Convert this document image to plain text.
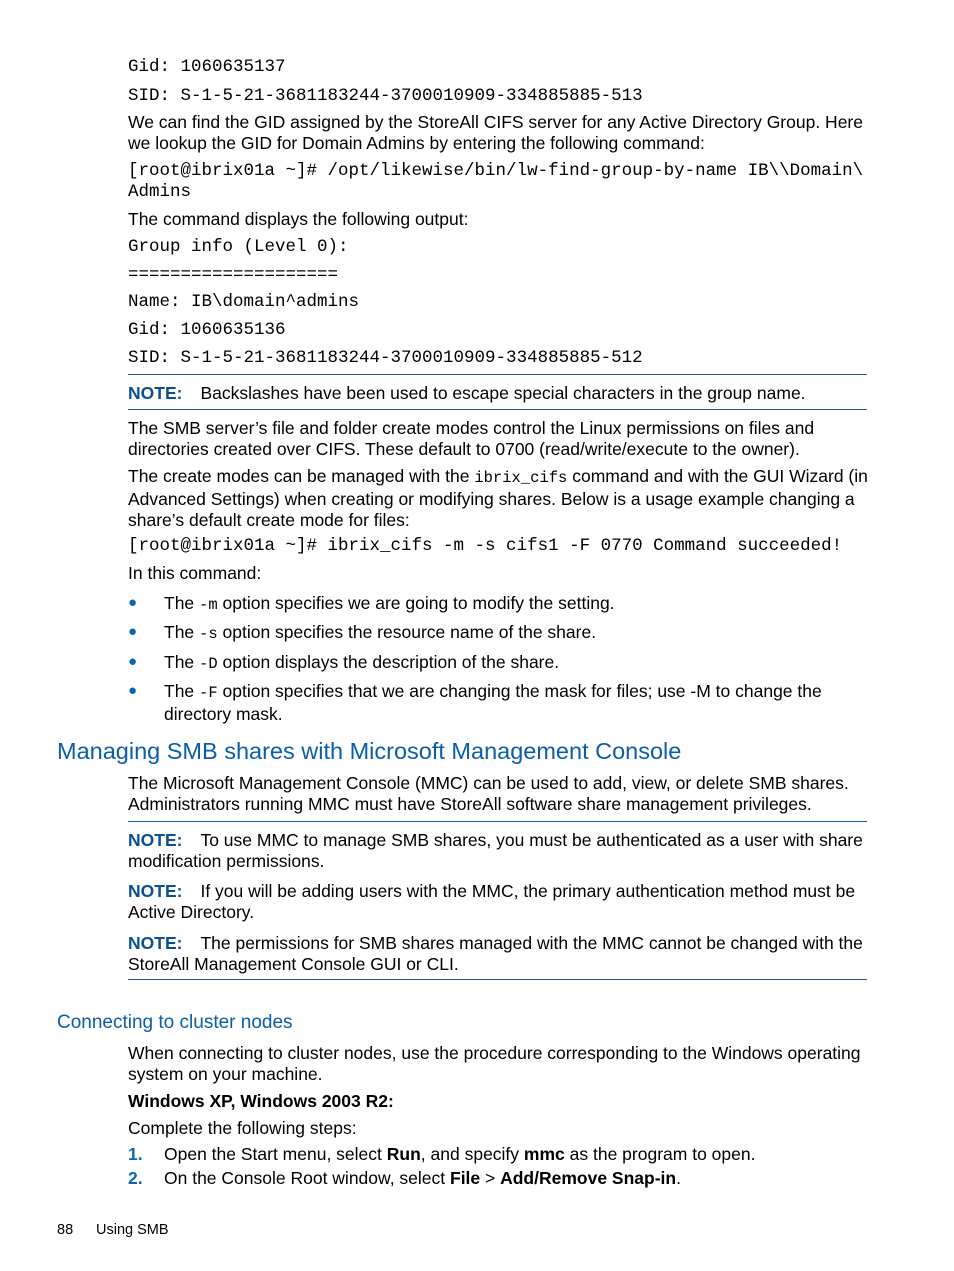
Gid: 1060635137
SID: S-1-5-21-3681183244-3700010909-334885885-513
We can find the GID assigned by the StoreAll CIFS server for any Active Directory Group. Here we lookup the GID for Domain Admins by entering the following command:
[root@ibrix01a ~]# /opt/likewise/bin/lw-find-group-by-name IB\\Domain\
Admins
The command displays the following output:
Group info (Level 0):
====================
Name: IB\domain^admins
Gid: 1060635136
SID: S-1-5-21-3681183244-3700010909-334885885-512
NOTE: Backslashes have been used to escape special characters in the group name.
The SMB server’s file and folder create modes control the Linux permissions on files and directories created over CIFS. These default to 0700 (read/write/execute to the owner).
The create modes can be managed with the ibrix_cifs command and with the GUI Wizard (in Advanced Settings) when creating or modifying shares. Below is a usage example changing a share’s default create mode for files:
[root@ibrix01a ~]# ibrix_cifs -m -s cifs1 -F 0770 Command succeeded!
In this command:
● The -m option specifies we are going to modify the setting.
● The -s option specifies the resource name of the share.
● The -D option displays the description of the share.
● The -F option specifies that we are changing the mask for files; use -M to change the directory mask.
Managing SMB shares with Microsoft Management Console
The Microsoft Management Console (MMC) can be used to add, view, or delete SMB shares. Administrators running MMC must have StoreAll software share management privileges.
NOTE: To use MMC to manage SMB shares, you must be authenticated as a user with share modification permissions.
NOTE: If you will be adding users with the MMC, the primary authentication method must be Active Directory.
NOTE: The permissions for SMB shares managed with the MMC cannot be changed with the StoreAll Management Console GUI or CLI.
Connecting to cluster nodes
When connecting to cluster nodes, use the procedure corresponding to the Windows operating system on your machine.
Windows XP, Windows 2003 R2:
Complete the following steps:
1. Open the Start menu, select Run, and specify mmc as the program to open.
2. On the Console Root window, select File > Add/Remove Snap-in.
88 Using SMB
